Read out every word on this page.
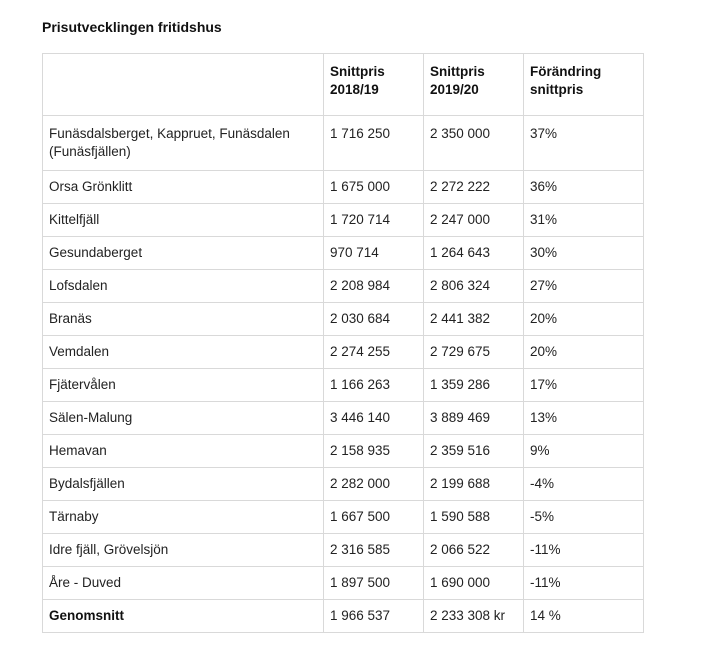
Prisutvecklingen fritidshus
	Snittpris 2018/19	Snittpris 2019/20	Förändring snittpris
Funäsdalsberget, Kappruet, Funäsdalen (Funäsfjällen)	1 716 250	2 350 000	37%
Orsa Grönklitt	1 675 000	2 272 222	36%
Kittelfjäll	1 720 714	2 247 000	31%
Gesundaberget	970 714	1 264 643	30%
Lofsdalen	2 208 984	2 806 324	27%
Branäs	2 030 684	2 441 382	20%
Vemdalen	2 274 255	2 729 675	20%
Fjätervålen	1 166 263	1 359 286	17%
Sälen-Malung	3 446 140	3 889 469	13%
Hemavan	2 158 935	2 359 516	9%
Bydalsfjällen	2 282 000	2 199 688	-4%
Tärnaby	1 667 500	1 590 588	-5%
Idre fjäll, Grövelsjön	2 316 585	2 066 522	-11%
Åre - Duved	1 897 500	1 690 000	-11%
Genomsnitt	1 966 537	2 233 308 kr	14 %
